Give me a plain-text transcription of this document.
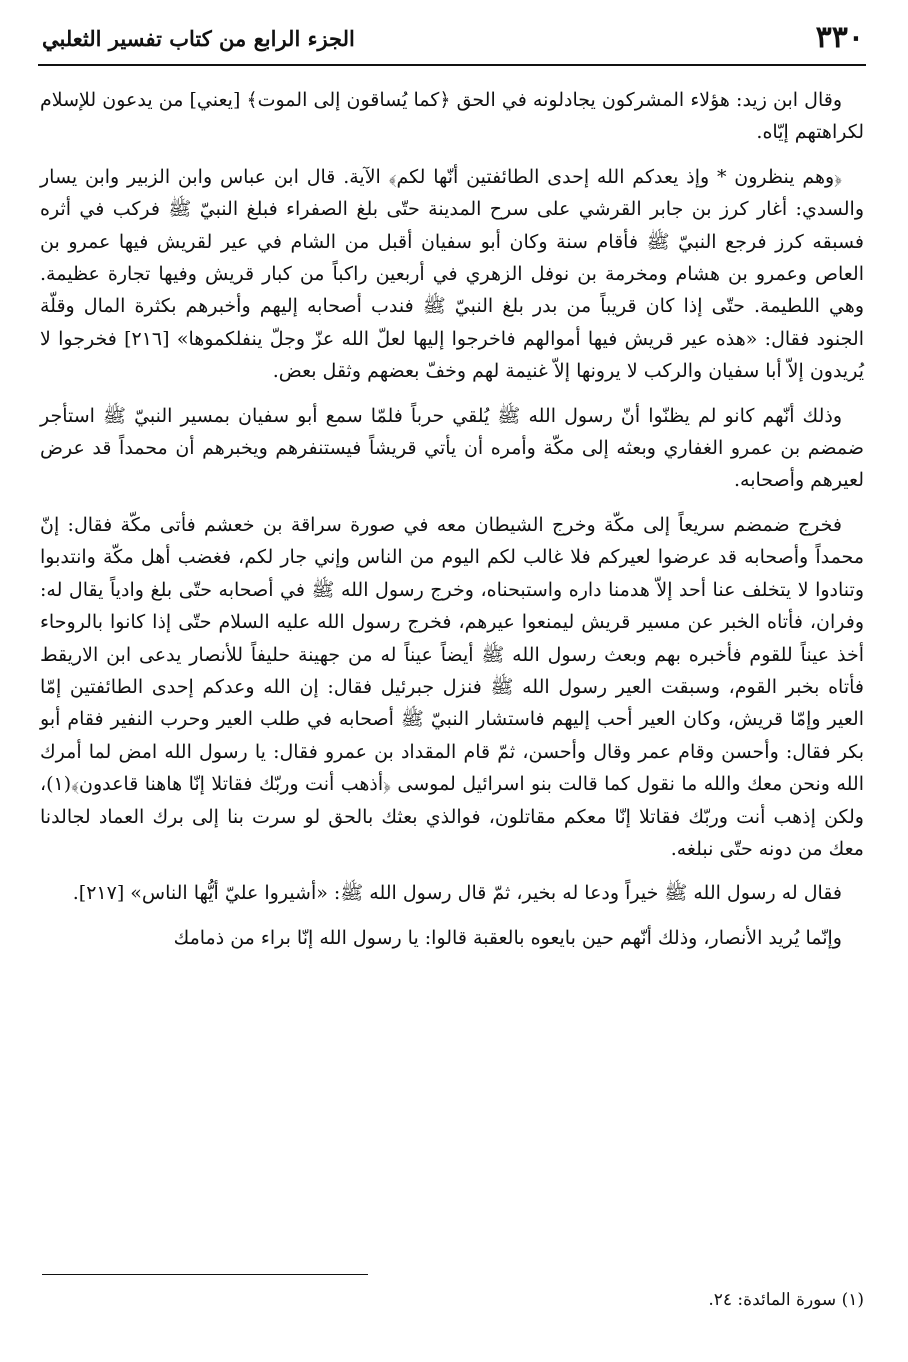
٣٣٠
الجزء الرابع من كتاب تفسير الثعلبي

وقال ابن زيد: هؤلاء المشركون يجادلونه في الحق ﴿كما يُساقون إلى الموت﴾ [يعني] من يدعون للإسلام لكراهتهم إيّاه.

﴿وهم ينظرون * وإذ يعدكم الله إحدى الطائفتين أنّها لكم﴾ الآية. قال ابن عباس وابن الزبير وابن يسار والسدي: أغار كرز بن جابر القرشي على سرح المدينة حتّى بلغ الصفراء فبلغ النبيّ ﷺ فركب في أثره فسبقه كرز فرجع النبيّ ﷺ فأقام سنة وكان أبو سفيان أقبل من الشام في عير لقريش فيها عمرو بن العاص وعمرو بن هشام ومخرمة بن نوفل الزهري في أربعين راكباً من كبار قريش وفيها تجارة عظيمة. وهي اللطيمة. حتّى إذا كان قريباً من بدر بلغ النبيّ ﷺ فندب أصحابه إليهم وأخبرهم بكثرة المال وقلّة الجنود فقال: «هذه عير قريش فيها أموالهم فاخرجوا إليها لعلّ الله عزّ وجلّ ينفلكموها» [٢١٦] فخرجوا لا يُريدون إلاّ أبا سفيان والركب لا يرونها إلاّ غنيمة لهم وخفّ بعضهم وثقل بعض.

وذلك أنّهم كانو لم يظنّوا أنّ رسول الله ﷺ يُلقي حرباً فلمّا سمع أبو سفيان بمسير النبيّ ﷺ استأجر ضمضم بن عمرو الغفاري وبعثه إلى مكّة وأمره أن يأتي قريشاً فيستنفرهم ويخبرهم أن محمداً قد عرض لعيرهم وأصحابه.

فخرج ضمضم سريعاً إلى مكّة وخرج الشيطان معه في صورة سراقة بن خعشم فأتى مكّة فقال: إنّ محمداً وأصحابه قد عرضوا لعيركم فلا غالب لكم اليوم من الناس وإني جار لكم، فغضب أهل مكّة وانتدبوا وتنادوا لا يتخلف عنا أحد إلاّ هدمنا داره واستبحناه، وخرج رسول الله ﷺ في أصحابه حتّى بلغ وادياً يقال له: وفران، فأتاه الخبر عن مسير قريش ليمنعوا عيرهم، فخرج رسول الله عليه السلام حتّى إذا كانوا بالروحاء أخذ عيناً للقوم فأخبره بهم وبعث رسول الله ﷺ أيضاً عيناً له من جهينة حليفاً للأنصار يدعى ابن الاريقط فأتاه بخبر القوم، وسبقت العير رسول الله ﷺ فنزل جبرئيل فقال: إن الله وعدكم إحدى الطائفتين إمّا العير وإمّا قريش، وكان العير أحب إليهم فاستشار النبيّ ﷺ أصحابه في طلب العير وحرب النفير فقام أبو بكر فقال: وأحسن وقام عمر وقال وأحسن، ثمّ قام المقداد بن عمرو فقال: يا رسول الله امض لما أمرك الله ونحن معك والله ما نقول كما قالت بنو اسرائيل لموسى ﴿أذهب أنت وربّك فقاتلا إنّا هاهنا قاعدون﴾(١)، ولكن إذهب أنت وربّك فقاتلا إنّا معكم مقاتلون، فوالذي بعثك بالحق لو سرت بنا إلى برك العماد لجالدنا معك من دونه حتّى نبلغه.

فقال له رسول الله ﷺ خيراً ودعا له بخير، ثمّ قال رسول الله ﷺ: «أشيروا عليّ أيُّها الناس» [٢١٧].

وإنّما يُريد الأنصار، وذلك أنّهم حين بايعوه بالعقبة قالوا: يا رسول الله إنّا براء من ذمامك

(١) سورة المائدة: ٢٤.
